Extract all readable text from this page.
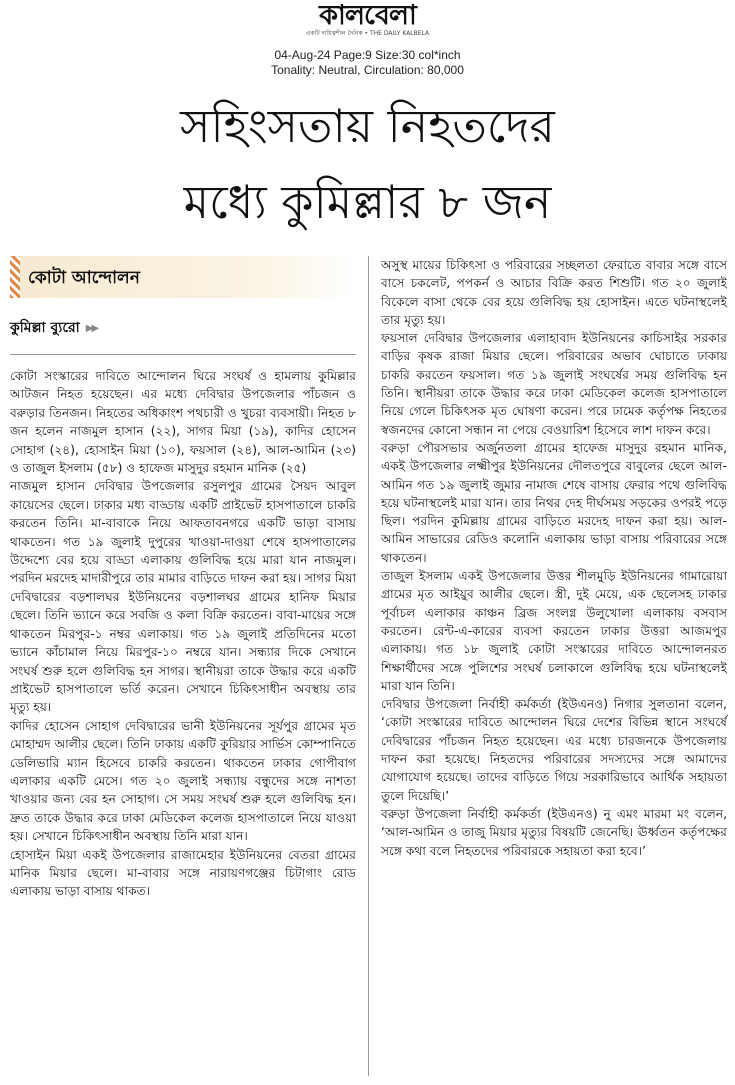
কালবেলা
একটি দায়িত্বশীল দৈনিক • THE DAILY KALBELA
04-Aug-24 Page:9 Size:30 col*inch
Tonality: Neutral, Circulation: 80,000
সহিংসতায় নিহতদের
মধ্যে কুমিল্লার ৮ জন
কোটা আন্দোলন
কুমিল্লা ব্যুরো ▶▶

কোটা সংস্কারের দাবিতে আন্দোলন ঘিরে সংঘর্ষ ও হামলায় কুমিল্লার আটজন নিহত হয়েছেন। এর মধ্যে দেবিদ্বার উপজেলার পাঁচজন ও বরুড়ার তিনজন। নিহতের অধিকাংশ পথচারী ও খুচরা ব্যবসায়ী। নিহত ৮ জন হলেন নাজমুল হাসান (২২), সাগর মিয়া (১৯), কাদির হোসেন সোহাগ (২৪), হোসাইন মিয়া (১০), ফয়সাল (২৪), আল-আমিন (২৩) ও তাজুল ইসলাম (৫৮) ও হাফেজ মাসুদুর রহমান মানিক (২৫)

নাজমুল হাসান দেবিদ্বার উপজেলার রসুলপুর গ্রামের সৈয়দ আবুল কায়েসের ছেলে। ঢাকার মধ্য বাড্ডায় একটি প্রাইভেট হাসপাতালে চাকরি করতেন তিনি। মা-বাবাকে নিয়ে আফতাবনগরে একটি ভাড়া বাসায় থাকতেন। গত ১৯ জুলাই দুপুরের খাওয়া-দাওয়া শেষে হাসপাতালের উদ্দেশ্যে বের হয়ে বাড্ডা এলাকায় গুলিবিদ্ধ হয়ে মারা যান নাজমুল। পরদিন মরদেহ মাদারীপুরে তার মামার বাড়িতে দাফন করা হয়। সাগর মিয়া দেবিদ্বারের বড়শালঘর ইউনিয়নের বড়শালঘর গ্রামের হানিফ মিয়ার ছেলে। তিনি ভ্যানে করে সবজি ও কলা বিক্রি করতেন। বাবা-মায়ের সঙ্গে থাকতেন মিরপুর-১ নম্বর এলাকায়। গত ১৯ জুলাই প্রতিদিনের মতো ভ্যানে কাঁচামাল নিয়ে মিরপুর-১০ নম্বরে যান। সন্ধ্যার দিকে সেখানে সংঘর্ষ শুরু হলে গুলিবিদ্ধ হন সাগর। স্থানীয়রা তাকে উদ্ধার করে একটি প্রাইভেট হাসপাতালে ভর্তি করেন। সেখানে চিকিৎসাধীন অবস্থায় তার মৃত্যু হয়।

কাদির হোসেন সোহাগ দেবিদ্বারের ভানী ইউনিয়নের সূর্যপুর গ্রামের মৃত মোহাম্মদ আলীর ছেলে। তিনি ঢাকায় একটি কুরিয়ার সার্ভিস কোম্পানিতে ডেলিভারি ম্যান হিসেবে চাকরি করতেন। থাকতেন ঢাকার গোপীবাগ এলাকার একটি মেসে। গত ২০ জুলাই সন্ধ্যায় বন্ধুদের সঙ্গে নাশতা খাওয়ার জন্য বের হন সোহাগ। সে সময় সংঘর্ষ শুরু হলে গুলিবিদ্ধ হন। দ্রুত তাকে উদ্ধার করে ঢাকা মেডিকেল কলেজ হাসপাতালে নিয়ে যাওয়া হয়। সেখানে চিকিৎসাধীন অবস্থায় তিনি মারা যান।

হোসাইন মিয়া একই উপজেলার রাজামেহার ইউনিয়নের বেতরা গ্রামের মানিক মিয়ার ছেলে। মা-বাবার সঙ্গে নারায়ণগঞ্জের চিটাগাং রোড এলাকায় ভাড়া বাসায় থাকত।

অসুস্থ মায়ের চিকিৎসা ও পরিবারের সচ্ছলতা ফেরাতে বাবার সঙ্গে বাসে বাসে চকলেট, পপকর্ন ও আচার বিক্রি করত শিশুটি। গত ২০ জুলাই বিকেলে বাসা থেকে বের হয়ে গুলিবিদ্ধ হয় হোসাইন। এতে ঘটনাস্থলেই তার মৃত্যু হয়।

ফয়সাল দেবিদ্বার উপজেলার এলাহাবাদ ইউনিয়নের কাচিসাইর সরকার বাড়ির কৃষক রাজা মিয়ার ছেলে। পরিবারের অভাব ঘোচাতে ঢাকায় চাকরি করতেন ফয়সাল। গত ১৯ জুলাই সংঘর্ষের সময় গুলিবিদ্ধ হন তিনি। স্থানীয়রা তাকে উদ্ধার করে ঢাকা মেডিকেল কলেজ হাসপাতালে নিয়ে গেলে চিকিৎসক মৃত ঘোষণা করেন। পরে ঢামেক কর্তৃপক্ষ নিহতের স্বজনদের কোনো সন্ধান না পেয়ে বেওয়ারিশ হিসেবে লাশ দাফন করে।

বরুড়া পৌরসভার অর্জুনতলা গ্রামের হাফেজ মাসুদুর রহমান মানিক, একই উপজেলার লক্ষ্মীপুর ইউনিয়নের দৌলতপুরে বাবুলের ছেলে আল-আমিন গত ১৯ জুলাই জুমার নামাজ শেষে বাসায় ফেরার পথে গুলিবিদ্ধ হয়ে ঘটনাস্থলেই মারা যান। তার নিথর দেহ দীর্ঘসময় সড়কের ওপরই পড়ে ছিল। পরদিন কুমিল্লায় গ্রামের বাড়িতে মরদেহ দাফন করা হয়। আল-আমিন সাভারের রেডিও কলোনি এলাকায় ভাড়া বাসায় পরিবারের সঙ্গে থাকতেন।

তাজুল ইসলাম একই উপজেলার উত্তর শীলমুড়ি ইউনিয়নের গামারোয়া গ্রামের মৃত আইয়ুব আলীর ছেলে। স্ত্রী, দুই মেয়ে, এক ছেলেসহ ঢাকার পূর্বাচল এলাকার কাঞ্চন ব্রিজ সংলগ্ন উলুখোলা এলাকায় বসবাস করতেন। রেন্ট-এ-কারের ব্যবসা করতেন ঢাকার উত্তরা আজমপুর এলাকায়। গত ১৮ জুলাই কোটা সংস্কারের দাবিতে আন্দোলনরত শিক্ষার্থীদের সঙ্গে পুলিশের সংঘর্ষ চলাকালে গুলিবিদ্ধ হয়ে ঘটনাস্থলেই মারা যান তিনি।

দেবিদ্বার উপজেলা নির্বাহী কর্মকর্তা (ইউএনও) নিগার সুলতানা বলেন, ‘কোটা সংস্কারের দাবিতে আন্দোলন ঘিরে দেশের বিভিন্ন স্থানে সংঘর্ষে দেবিদ্বারের পাঁচজন নিহত হয়েছেন। এর মধ্যে চারজনকে উপজেলায় দাফন করা হয়েছে। নিহতদের পরিবারের সদস্যদের সঙ্গে আমাদের যোগাযোগ হয়েছে। তাদের বাড়িতে গিয়ে সরকারিভাবে আর্থিক সহায়তা তুলে দিয়েছি।’

বরুড়া উপজেলা নির্বাহী কর্মকর্তা (ইউএনও) নু এমং মারমা মং বলেন, ‘আল-আমিন ও তাজু মিয়ার মৃত্যুর বিষয়টি জেনেছি। ঊর্ধ্বতন কর্তৃপক্ষের সঙ্গে কথা বলে নিহতদের পরিবারকে সহায়তা করা হবে।’
